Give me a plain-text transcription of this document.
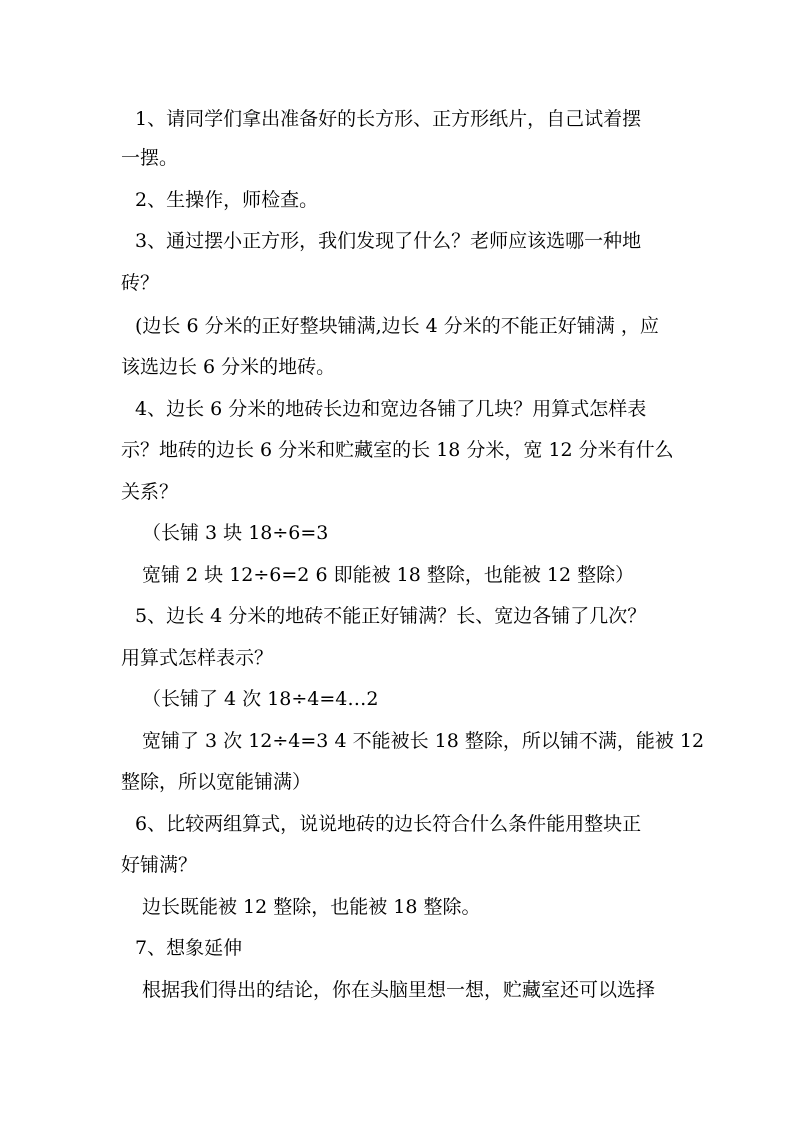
1、请同学们拿出准备好的长方形、正方形纸片，自己试着摆
一摆。
2、生操作，师检查。
3、通过摆小正方形，我们发现了什么？老师应该选哪一种地
砖？
(边长 6 分米的正好整块铺满,边长 4 分米的不能正好铺满 ，应
该选边长 6 分米的地砖。
4、边长 6 分米的地砖长边和宽边各铺了几块？用算式怎样表
示？地砖的边长 6 分米和贮藏室的长 18 分米，宽 12 分米有什么
关系？
（长铺 3 块 18÷6=3
宽铺 2 块 12÷6=2 6 即能被 18 整除，也能被 12 整除）
5、边长 4 分米的地砖不能正好铺满？长、宽边各铺了几次？
用算式怎样表示？
（长铺了 4 次 18÷4=4…2
宽铺了 3 次 12÷4=3 4 不能被长 18 整除，所以铺不满，能被 12
整除，所以宽能铺满）
6、比较两组算式，说说地砖的边长符合什么条件能用整块正
好铺满？
边长既能被 12 整除，也能被 18 整除。
7、想象延伸
根据我们得出的结论，你在头脑里想一想，贮藏室还可以选择
